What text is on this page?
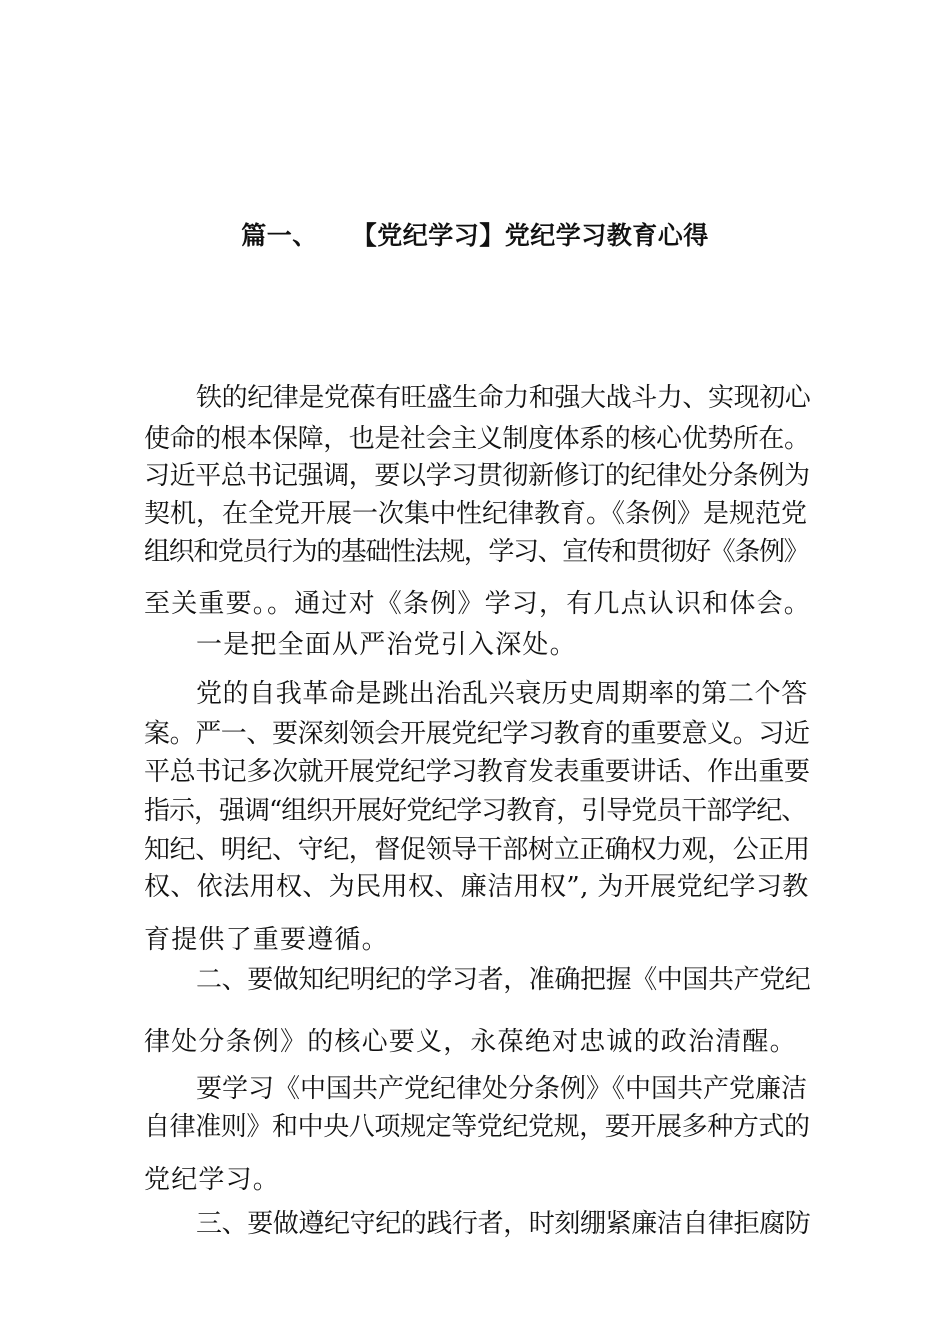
篇一、 【党纪学习】党纪学习教育心得
铁的纪律是党葆有旺盛生命力和强大战斗力、实现初心
使命的根本保障，也是社会主义制度体系的核心优势所在。
习近平总书记强调，要以学习贯彻新修订的纪律处分条例为
契机，在全党开展一次集中性纪律教育。《条例》是规范党
组织和党员行为的基础性法规，学习、宣传和贯彻好《条例》
至关重要。。通过对《条例》学习，有几点认识和体会。
一是把全面从严治党引入深处。
党的自我革命是跳出治乱兴衰历史周期率的第二个答
案。严一、要深刻领会开展党纪学习教育的重要意义。习近
平总书记多次就开展党纪学习教育发表重要讲话、作出重要
指示，强调“组织开展好党纪学习教育，引导党员干部学纪、
知纪、明纪、守纪，督促领导干部树立正确权力观，公正用
权、依法用权、为民用权、廉洁用权”, 为开展党纪学习教
育提供了重要遵循。
二、要做知纪明纪的学习者，准确把握《中国共产党纪
律处分条例》的核心要义，永葆绝对忠诚的政治清醒。
要学习《中国共产党纪律处分条例》《中国共产党廉洁
自律准则》和中央八项规定等党纪党规，要开展多种方式的
党纪学习。
三、要做遵纪守纪的践行者，时刻绷紧廉洁自律拒腐防
